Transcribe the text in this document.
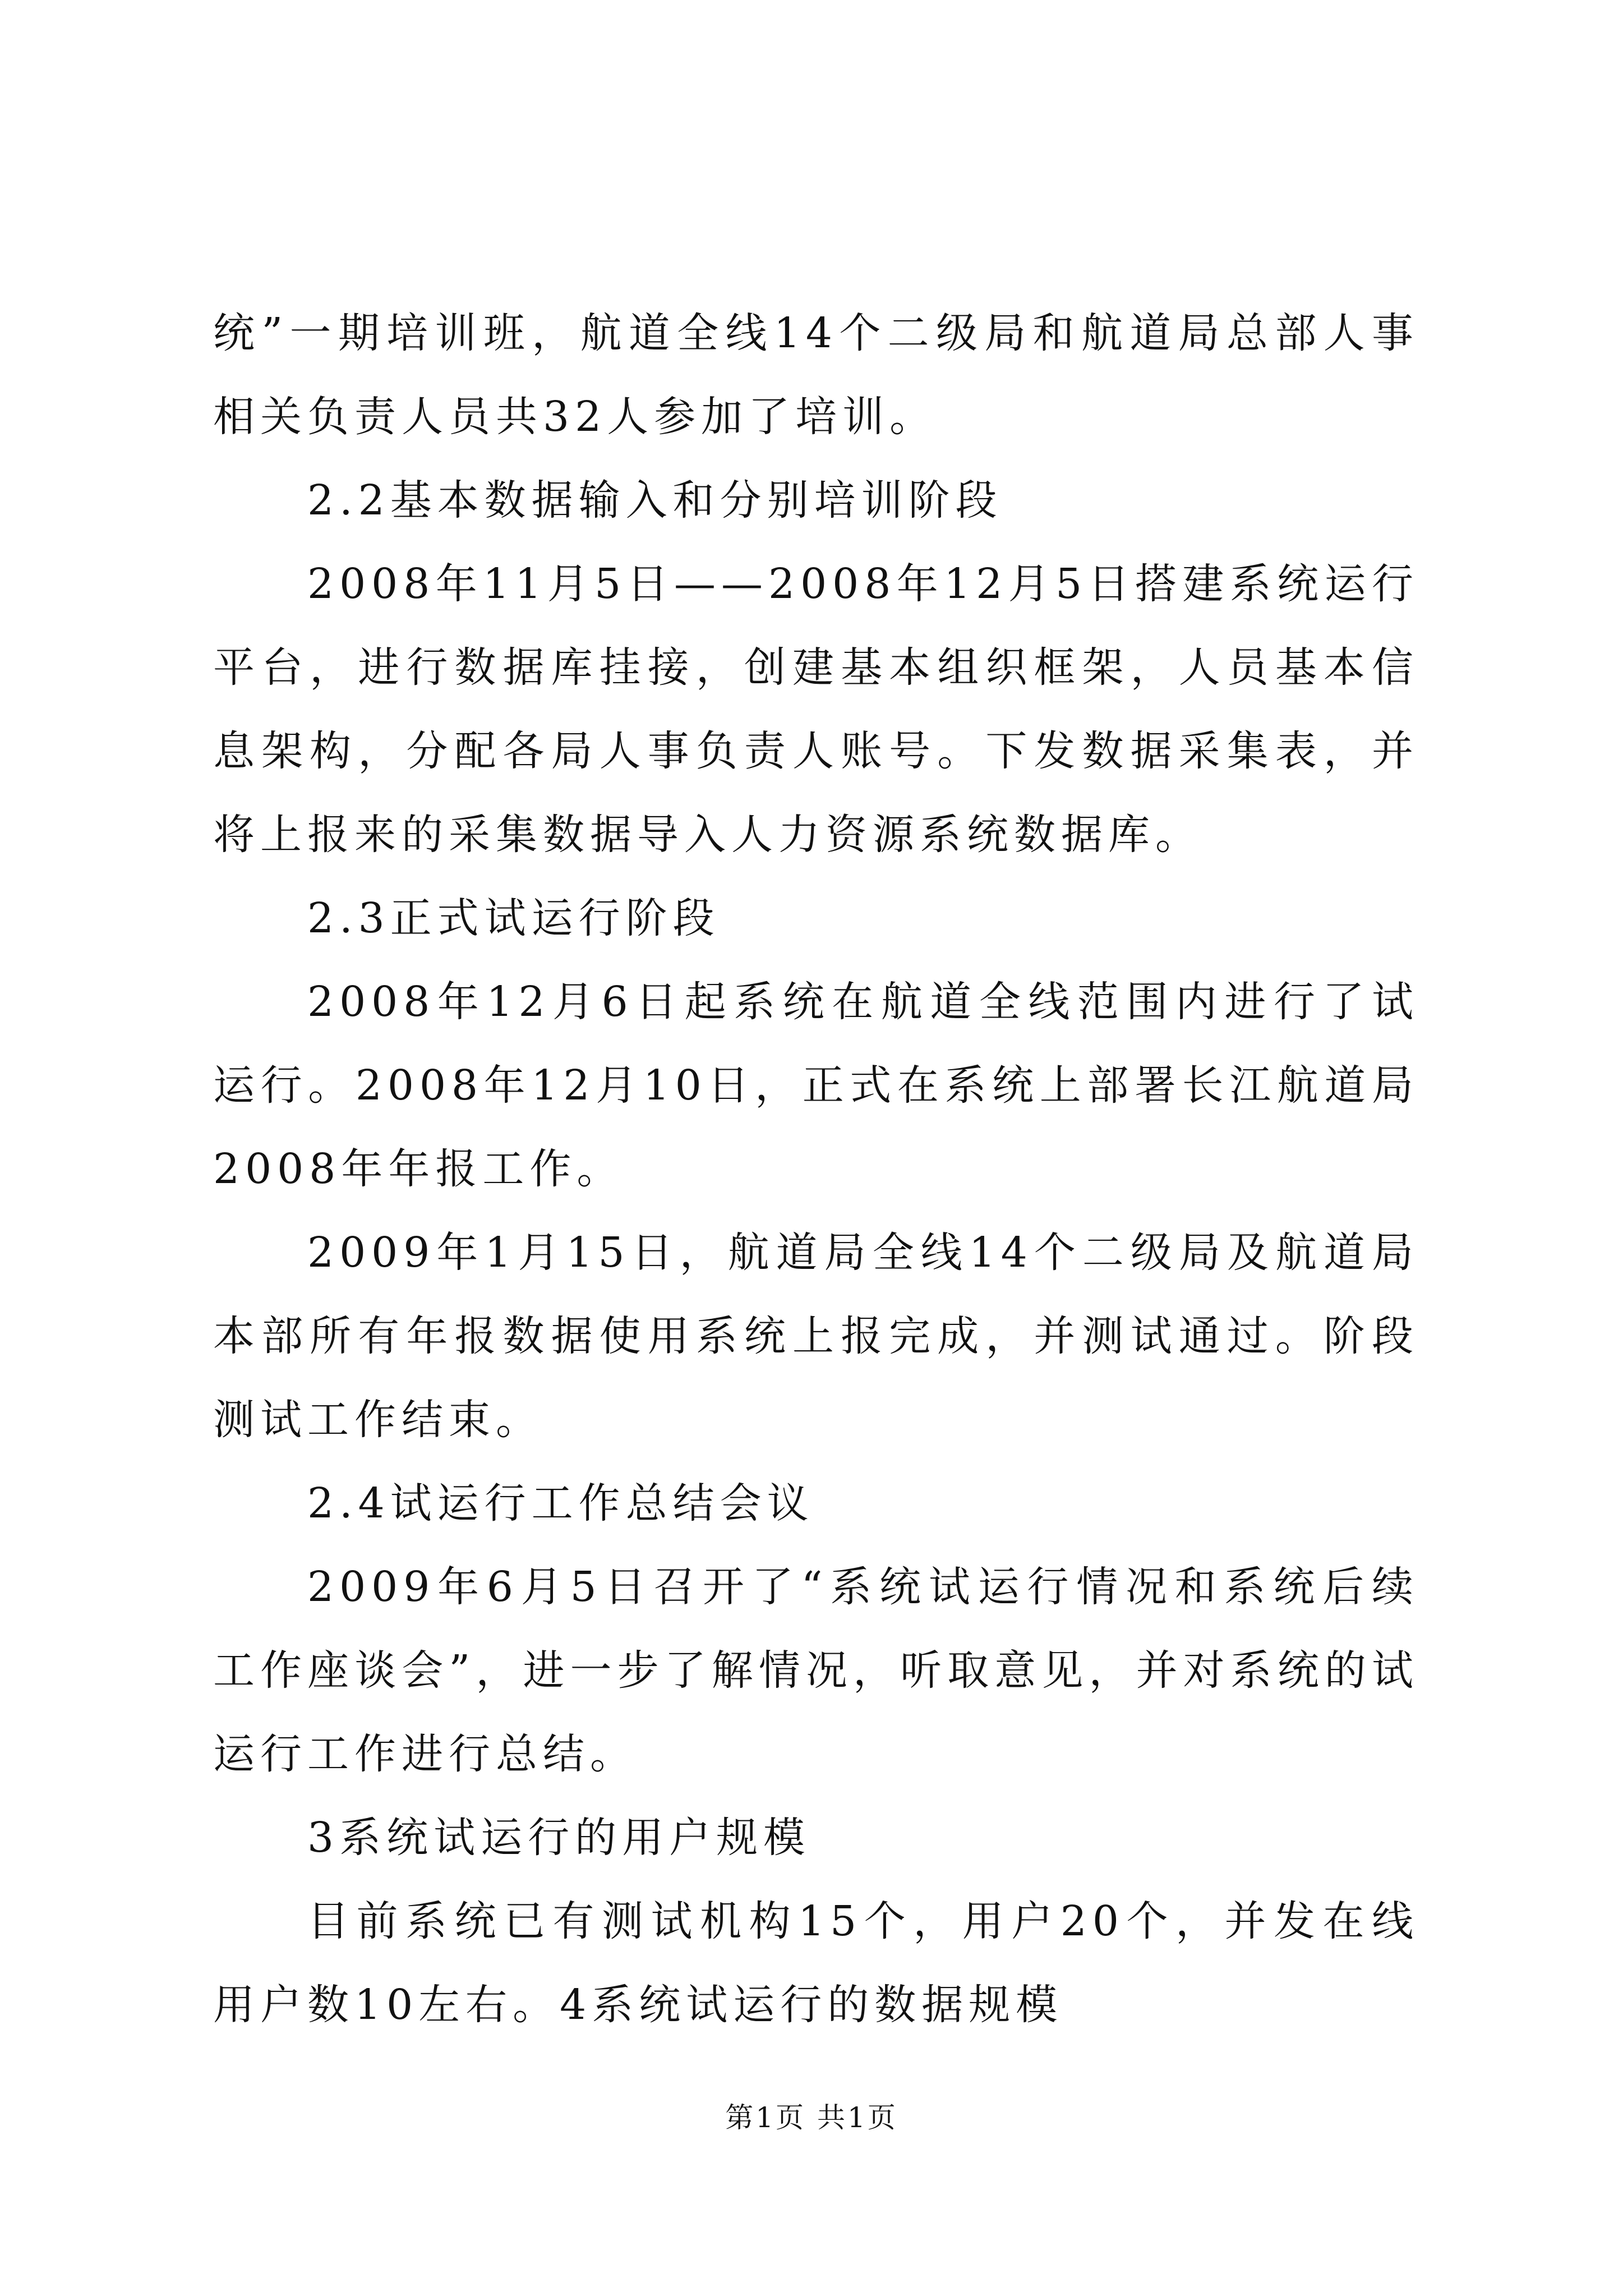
统”一期培训班，航道全线14个二级局和航道局总部人事相关负责人员共32人参加了培训。

2.2基本数据输入和分别培训阶段

2008年11月5日——2008年12月5日搭建系统运行平台，进行数据库挂接，创建基本组织框架，人员基本信息架构，分配各局人事负责人账号。下发数据采集表，并将上报来的采集数据导入人力资源系统数据库。

2.3正式试运行阶段

2008年12月6日起系统在航道全线范围内进行了试运行。2008年12月10日，正式在系统上部署长江航道局2008年年报工作。

2009年1月15日，航道局全线14个二级局及航道局本部所有年报数据使用系统上报完成，并测试通过。阶段测试工作结束。

2.4试运行工作总结会议

2009年6月5日召开了“系统试运行情况和系统后续工作座谈会”，进一步了解情况，听取意见，并对系统的试运行工作进行总结。

3系统试运行的用户规模

目前系统已有测试机构15个，用户20个，并发在线用户数10左右。4系统试运行的数据规模

第1页 共1页
